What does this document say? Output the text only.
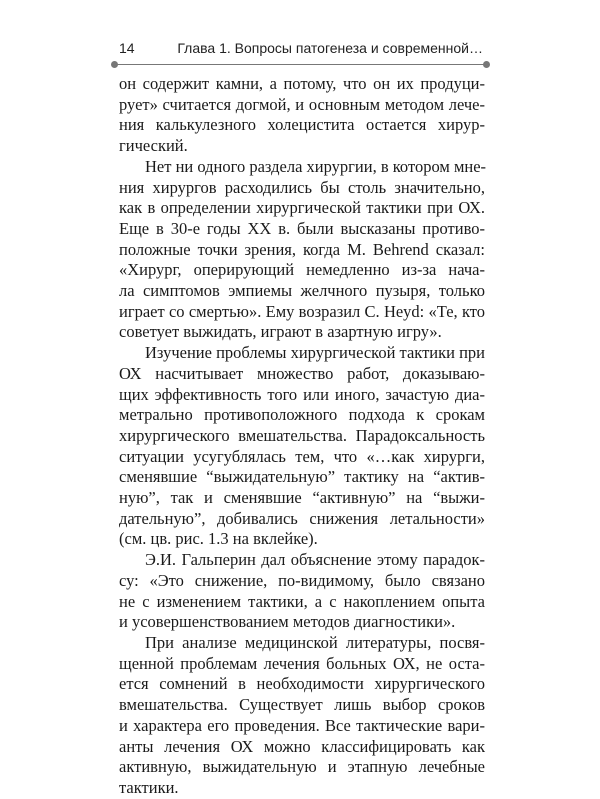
14	Глава 1. Вопросы патогенеза и современной…
он содержит камни, а потому, что он их продуци-
рует» считается догмой, и основным методом лече-
ния калькулезного холецистита остается хирур-
гический.
Нет ни одного раздела хирургии, в котором мне-
ния хирургов расходились бы столь значительно,
как в определении хирургической тактики при ОХ.
Еще в 30-е годы XX в. были высказаны противо-
положные точки зрения, когда M. Behrend сказал:
«Хирург, оперирующий немедленно из-за нача-
ла симптомов эмпиемы желчного пузыря, только
играет со смертью». Ему возразил C. Heyd: «Те, кто
советует выжидать, играют в азартную игру».
Изучение проблемы хирургической тактики при
ОХ насчитывает множество работ, доказываю-
щих эффективность того или иного, зачастую диа-
метрально противоположного подхода к срокам
хирургического вмешательства. Парадоксальность
ситуации усугублялась тем, что «…как хирурги,
сменявшие “выжидательную” тактику на “актив-
ную”, так и сменявшие “активную” на “выжи-
дательную”, добивались снижения летальности»
(см. цв. рис. 1.3 на вклейке).
Э.И. Гальперин дал объяснение этому парадок-
су: «Это снижение, по-видимому, было связано
не с изменением тактики, а с накоплением опыта
и усовершенствованием методов диагностики».
При анализе медицинской литературы, посвя-
щенной проблемам лечения больных ОХ, не оста-
ется сомнений в необходимости хирургического
вмешательства. Существует лишь выбор сроков
и характера его проведения. Все тактические вари-
анты лечения ОХ можно классифицировать как
активную, выжидательную и этапную лечебные
тактики.
